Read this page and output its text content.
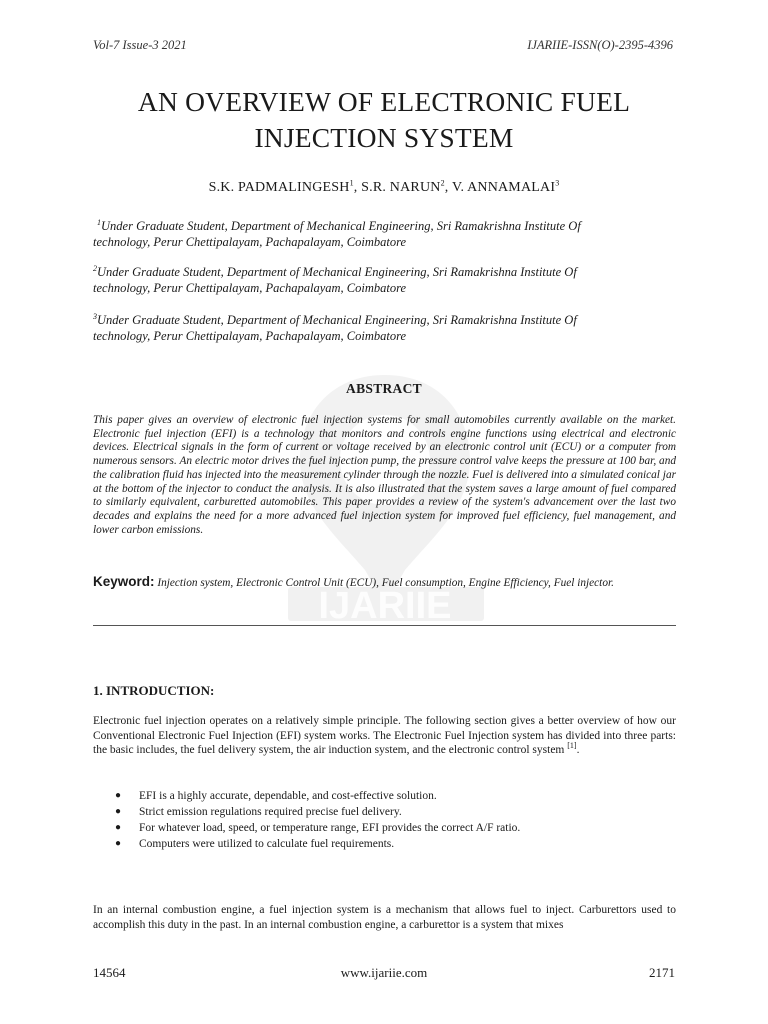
Vol-7 Issue-3 2021	IJARIIE-ISSN(O)-2395-4396
AN OVERVIEW OF ELECTRONIC FUEL
INJECTION SYSTEM
S.K. PADMALINGESH$^1$, S.R. NARUN$^2$, V. ANNAMALAI$^3$
$^1$Under Graduate Student, Department of Mechanical Engineering, Sri Ramakrishna Institute Of
technology, Perur Chettipalayam, Pachapalayam, Coimbatore
$^2$Under Graduate Student, Department of Mechanical Engineering, Sri Ramakrishna Institute Of
technology, Perur Chettipalayam, Pachapalayam, Coimbatore
$^3$Under Graduate Student, Department of Mechanical Engineering, Sri Ramakrishna Institute Of
technology, Perur Chettipalayam, Pachapalayam, Coimbatore
IJARIIE
ABSTRACT
This paper gives an overview of electronic fuel injection systems for small automobiles currently available on the market. Electronic fuel injection (EFI) is a technology that monitors and controls engine functions using electrical and electronic devices. Electrical signals in the form of current or voltage received by an electronic control unit (ECU) or a computer from numerous sensors. An electric motor drives the fuel injection pump, the pressure control valve keeps the pressure at 100 bar, and the calibration fluid has injected into the measurement cylinder through the nozzle. Fuel is delivered into a simulated conical jar at the bottom of the injector to conduct the analysis. It is also illustrated that the system saves a large amount of fuel compared to similarly equivalent, carburetted automobiles. This paper provides a review of the system's advancement over the last two decades and explains the need for a more advanced fuel injection system for improved fuel efficiency, fuel management, and lower carbon emissions.
Keyword: Injection system, Electronic Control Unit (ECU), Fuel consumption, Engine Efficiency, Fuel injector.
1. INTRODUCTION:
Electronic fuel injection operates on a relatively simple principle. The following section gives a better overview of how our Conventional Electronic Fuel Injection (EFI) system works. The Electronic Fuel Injection system has divided into three parts: the basic includes, the fuel delivery system, the air induction system, and the electronic control system [1].
● EFI is a highly accurate, dependable, and cost-effective solution.
● Strict emission regulations required precise fuel delivery.
● For whatever load, speed, or temperature range, EFI provides the correct A/F ratio.
● Computers were utilized to calculate fuel requirements.
In an internal combustion engine, a fuel injection system is a mechanism that allows fuel to inject. Carburettors used to accomplish this duty in the past. In an internal combustion engine, a carburettor is a system that mixes
14564	www.ijariie.com	2171
